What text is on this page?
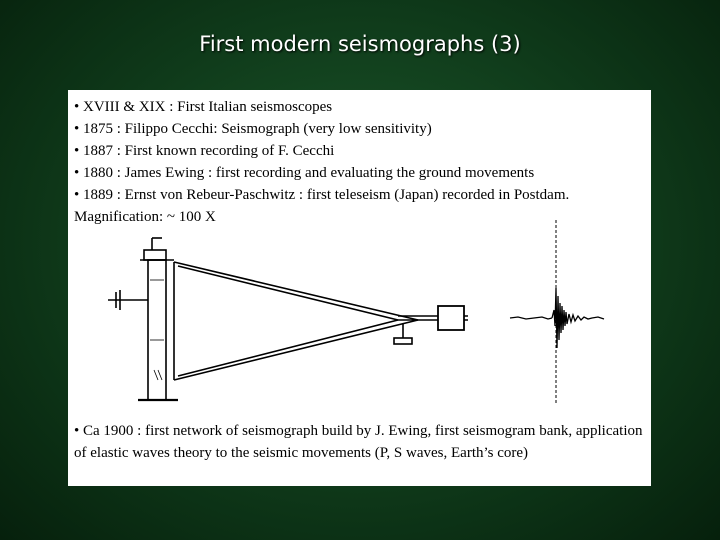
First modern seismographs (3)
• XVIII & XIX : First Italian seismoscopes
• 1875 : Filippo Cecchi: Seismograph (very low sensitivity)
• 1887 : First known recording of F. Cecchi
• 1880 : James Ewing : first recording and evaluating the ground movements
• 1889 : Ernst von Rebeur-Paschwitz : first teleseism (Japan) recorded in Postdam. Magnification: ~ 100 X
• Ca 1900 : first network of seismograph build by J. Ewing, first seismogram bank, application of elastic waves theory to the seismic movements (P, S waves, Earth’s core)
